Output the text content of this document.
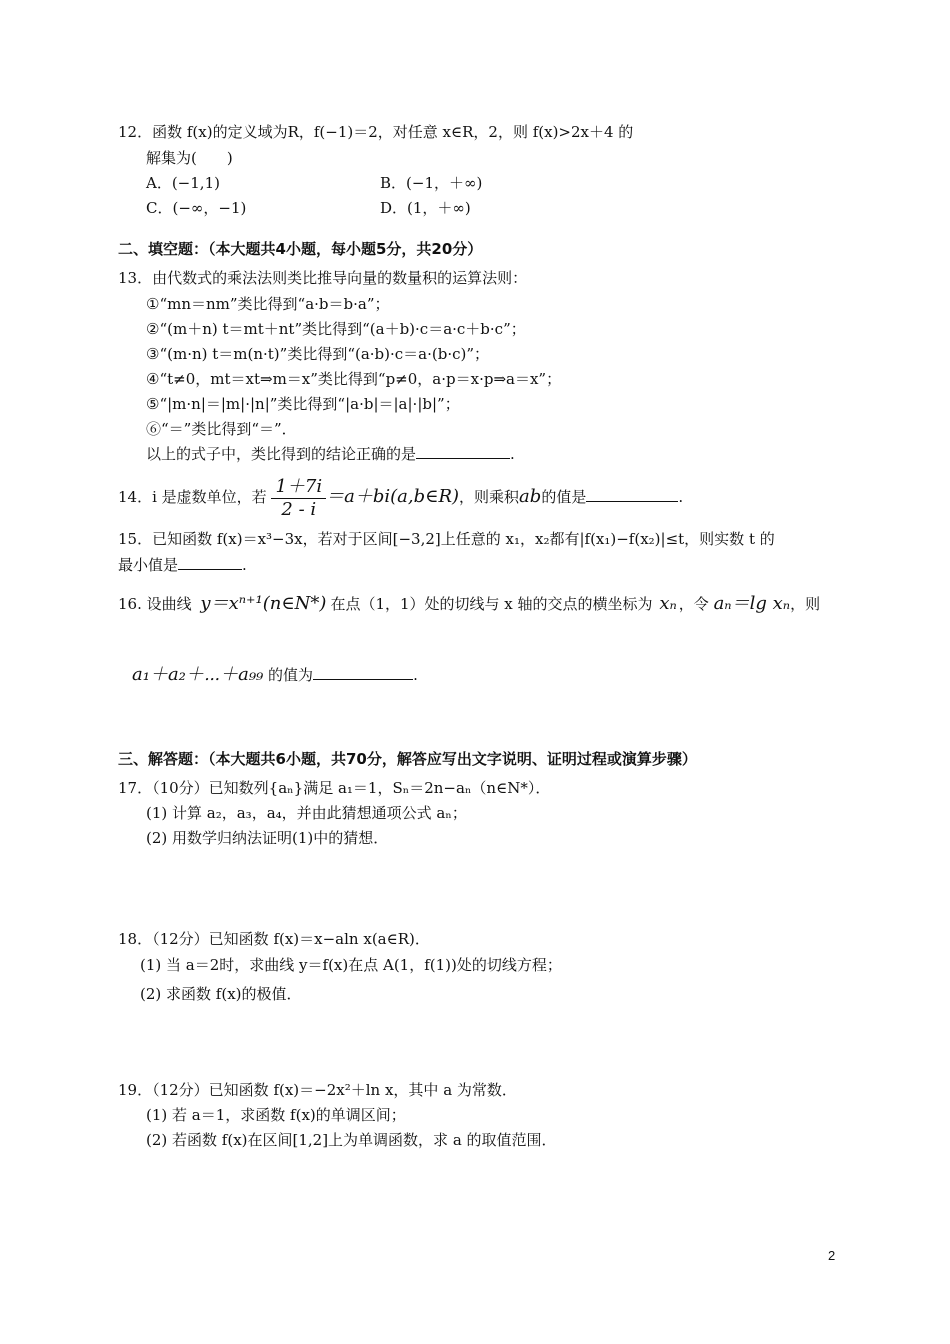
12．函数 f(x)的定义域为R，f(−1)＝2，对任意 x∈R，2，则 f(x)>2x＋4 的
解集为(　　)
A．(−1,1)	B．(−1，＋∞)
C．(−∞，−1)	D．(1，＋∞)
二、填空题：（本大题共4小题，每小题5分，共20分）
13．由代数式的乘法法则类比推导向量的数量积的运算法则：
①“mn＝nm”类比得到“a·b＝b·a”；
②“(m＋n) t＝mt＋nt”类比得到“(a＋b)·c＝a·c＋b·c”；
③“(m·n) t＝m(n·t)”类比得到“(a·b)·c＝a·(b·c)”；
④“t≠0，mt＝xt⇒m＝x”类比得到“p≠0，a·p＝x·p⇒a＝x”；
⑤“|m·n|＝|m|·|n|”类比得到“|a·b|＝|a|·|b|”；
⑥“＝”类比得到“＝”．
以上的式子中，类比得到的结论正确的是	.
14．i 是虚数单位，若 $\frac{1+7i}{2 - i}$ ＝a＋bi(a,b∈R)，则乘积ab的值是	.
15．已知函数 f(x)＝x³−3x，若对于区间[−3,2]上任意的 x₁，x₂都有|f(x₁)−f(x₂)|≤t，则实数 t 的
最小值是	.
16. 设曲线 y＝xⁿ⁺¹(n∈N*) 在点（1，1）处的切线与 x 轴的交点的横坐标为 xₙ ，令 aₙ＝lg xₙ，则
a₁＋a₂＋⋯＋a₉₉ 的值为	.
三、解答题：（本大题共6小题，共70分，解答应写出文字说明、证明过程或演算步骤）
17．（10分）已知数列{aₙ}满足 a₁＝1，Sₙ＝2n−aₙ（n∈N*）．
(1) 计算 a₂，a₃，a₄，并由此猜想通项公式 aₙ；
(2) 用数学归纳法证明(1)中的猜想．
18．（12分）已知函数 f(x)＝x−aln x(a∈R)．
(1) 当 a＝2时，求曲线 y＝f(x)在点 A(1，f(1))处的切线方程；
(2) 求函数 f(x)的极值．
19．（12分）已知函数 f(x)＝−2x²＋ln x，其中 a 为常数．
(1) 若 a＝1，求函数 f(x)的单调区间；
(2) 若函数 f(x)在区间[1,2]上为单调函数，求 a 的取值范围．
2
